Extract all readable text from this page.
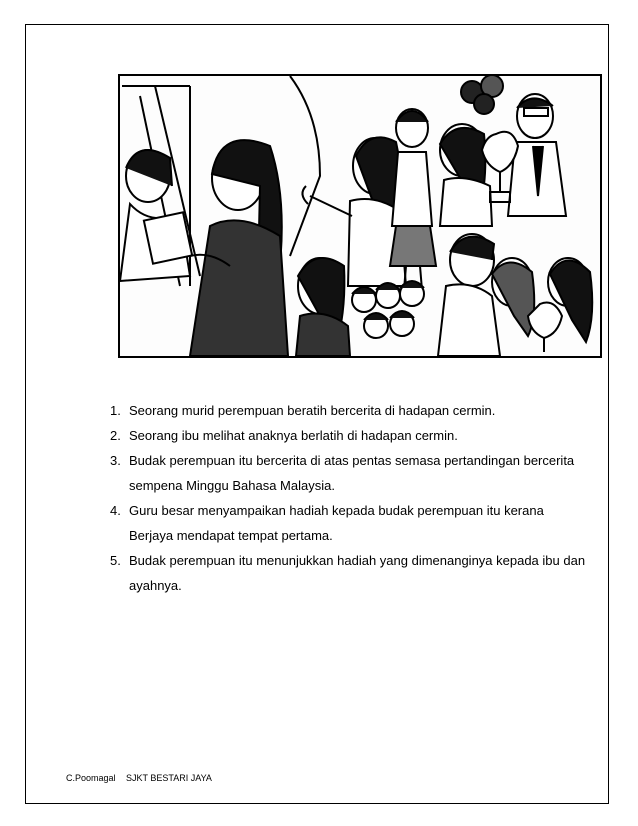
1. Seorang murid perempuan beratih bercerita di hadapan cermin.
2. Seorang ibu melihat anaknya berlatih di hadapan cermin.
3. Budak perempuan itu bercerita di atas pentas semasa pertandingan bercerita sempena Minggu Bahasa Malaysia.
4. Guru besar menyampaikan hadiah kepada budak perempuan itu kerana Berjaya mendapat tempat pertama.
5. Budak perempuan itu menunjukkan hadiah yang dimenanginya kepada ibu dan ayahnya.
C.Poomagal SJKT BESTARI JAYA
